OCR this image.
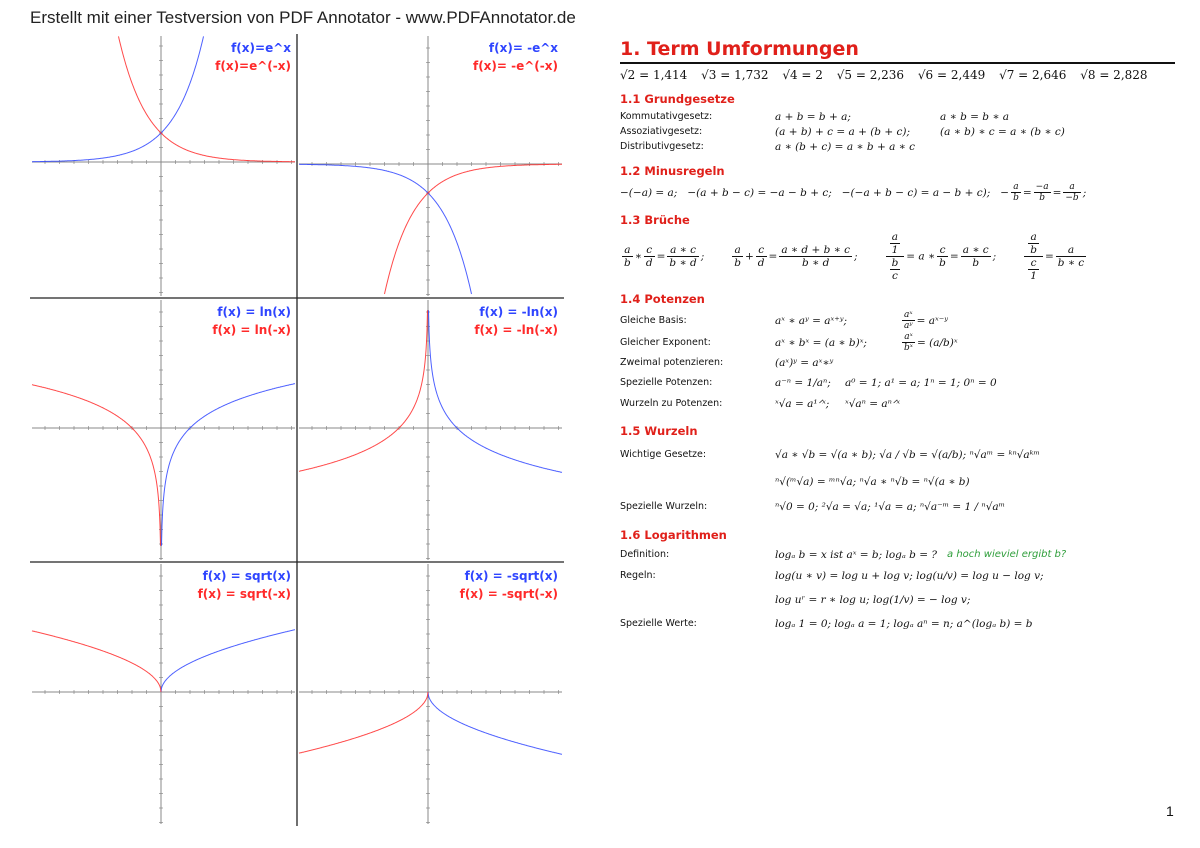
Erstellt mit einer Testversion von PDF Annotator - www.PDFAnnotator.de
f(x)=e^x
f(x)=e^(-x)
f(x)= -e^x
f(x)= -e^(-x)
f(x) = ln(x)
f(x) = ln(-x)
f(x) = -ln(x)
f(x) = -ln(-x)
f(x) = sqrt(x)
f(x) = sqrt(-x)
f(x) = -sqrt(x)
f(x) = -sqrt(-x)
1. Term Umformungen
√2 = 1,414 √3 = 1,732 √4 = 2 √5 = 2,236 √6 = 2,449 √7 = 2,646 √8 = 2,828
1.1 Grundgesetze
Kommutativgesetz:	a + b = b + a;	a ∗ b = b ∗ a
Assoziativgesetz:	(a + b) + c = a + (b + c);	(a ∗ b) ∗ c = a ∗ (b ∗ c)
Distributivgesetz:	a ∗ (b + c) = a ∗ b + a ∗ c
1.2 Minusregeln
−(−a) = a; −(a + b − c) = −a − b + c; −(−a + b − c) = a − b + c); − $\frac{a}{b} = \frac{-a}{b} = \frac{a}{-b}$ ;
1.3 Brüche
$\frac{a}{b}$ ∗ $\frac{c}{d} = \frac{a ∗ c}{b ∗ d}$ ;	$\frac{a}{b} + \frac{c}{d} = \frac{a ∗ d + b ∗ c}{b ∗ d}$ ;	$\frac{\frac{a}{1}}{\frac{b}{c}} = a$ ∗ $\frac{c}{b} = \frac{a ∗ c}{b}$ ;	$\frac{\frac{a}{b}}{\frac{c}{1}} = \frac{a}{b ∗ c}$
1.4 Potenzen
Gleiche Basis:	aˣ ∗ aʸ = aˣ⁺ʸ;	$\frac{\text{aˣ}}{\text{aʸ}}$ = aˣ⁻ʸ
Gleicher Exponent:	aˣ ∗ bˣ = (a ∗ b)ˣ;	$\frac{\text{aˣ}}{\text{bˣ}}$ = (a/b)ˣ
Zweimal potenzieren:	(aˣ)ʸ = aˣ∗ʸ
Spezielle Potenzen:	a⁻ⁿ = 1/aⁿ;	a⁰ = 1; a¹ = a; 1ⁿ = 1; 0ⁿ = 0
Wurzeln zu Potenzen:	ˣ√a = a¹ᐟˣ;	ˣ√aⁿ = aⁿᐟˣ
1.5 Wurzeln
Wichtige Gesetze:	√a ∗ √b = √(a ∗ b); √a / √b = √(a/b); ⁿ√aᵐ = ᵏⁿ√aᵏᵐ
ⁿ√(ᵐ√a) = ᵐⁿ√a; ⁿ√a ∗ ⁿ√b = ⁿ√(a ∗ b)
Spezielle Wurzeln:	ⁿ√0 = 0; ²√a = √a; ¹√a = a; ⁿ√a⁻ᵐ = 1 / ⁿ√aᵐ
1.6 Logarithmen
Definition:	logₐ b = x ist aˣ = b; logₐ b = ? a hoch wieviel ergibt b?
Regeln:	log(u ∗ v) = log u + log v; log(u/v) = log u − log v;
log uʳ = r ∗ log u; log(1/v) = − log v;
Spezielle Werte:	logₐ 1 = 0; logₐ a = 1; logₐ aⁿ = n; a^(logₐ b) = b
1
